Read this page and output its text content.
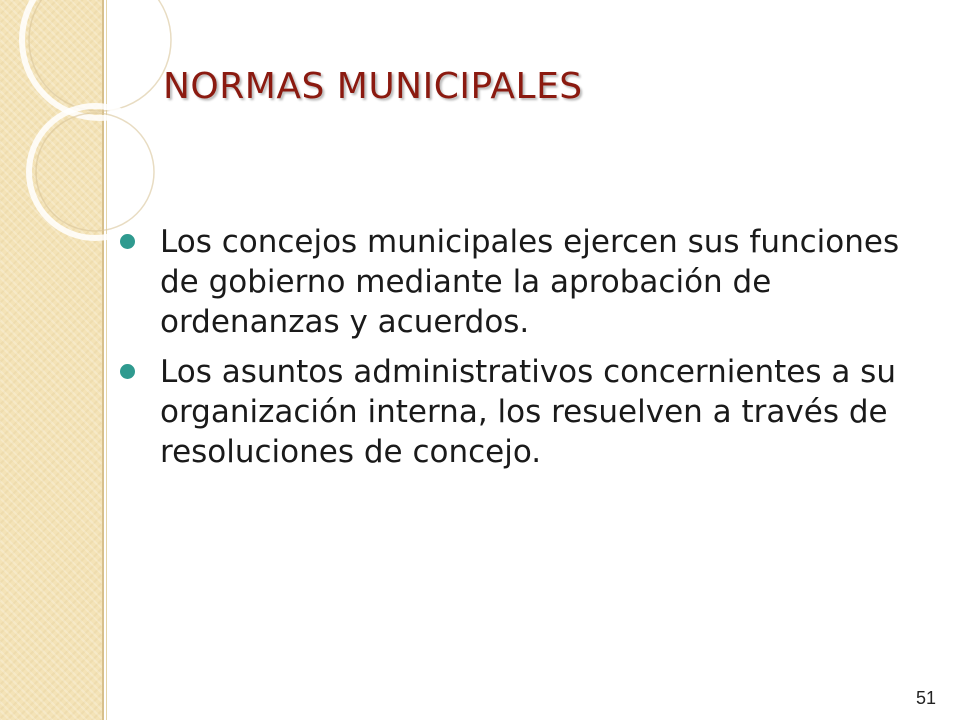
NORMAS MUNICIPALES
Los concejos municipales ejercen sus funciones de gobierno mediante la aprobación de ordenanzas y acuerdos.
Los asuntos administrativos concernientes a su organización interna, los resuelven a través de resoluciones de concejo.
51
